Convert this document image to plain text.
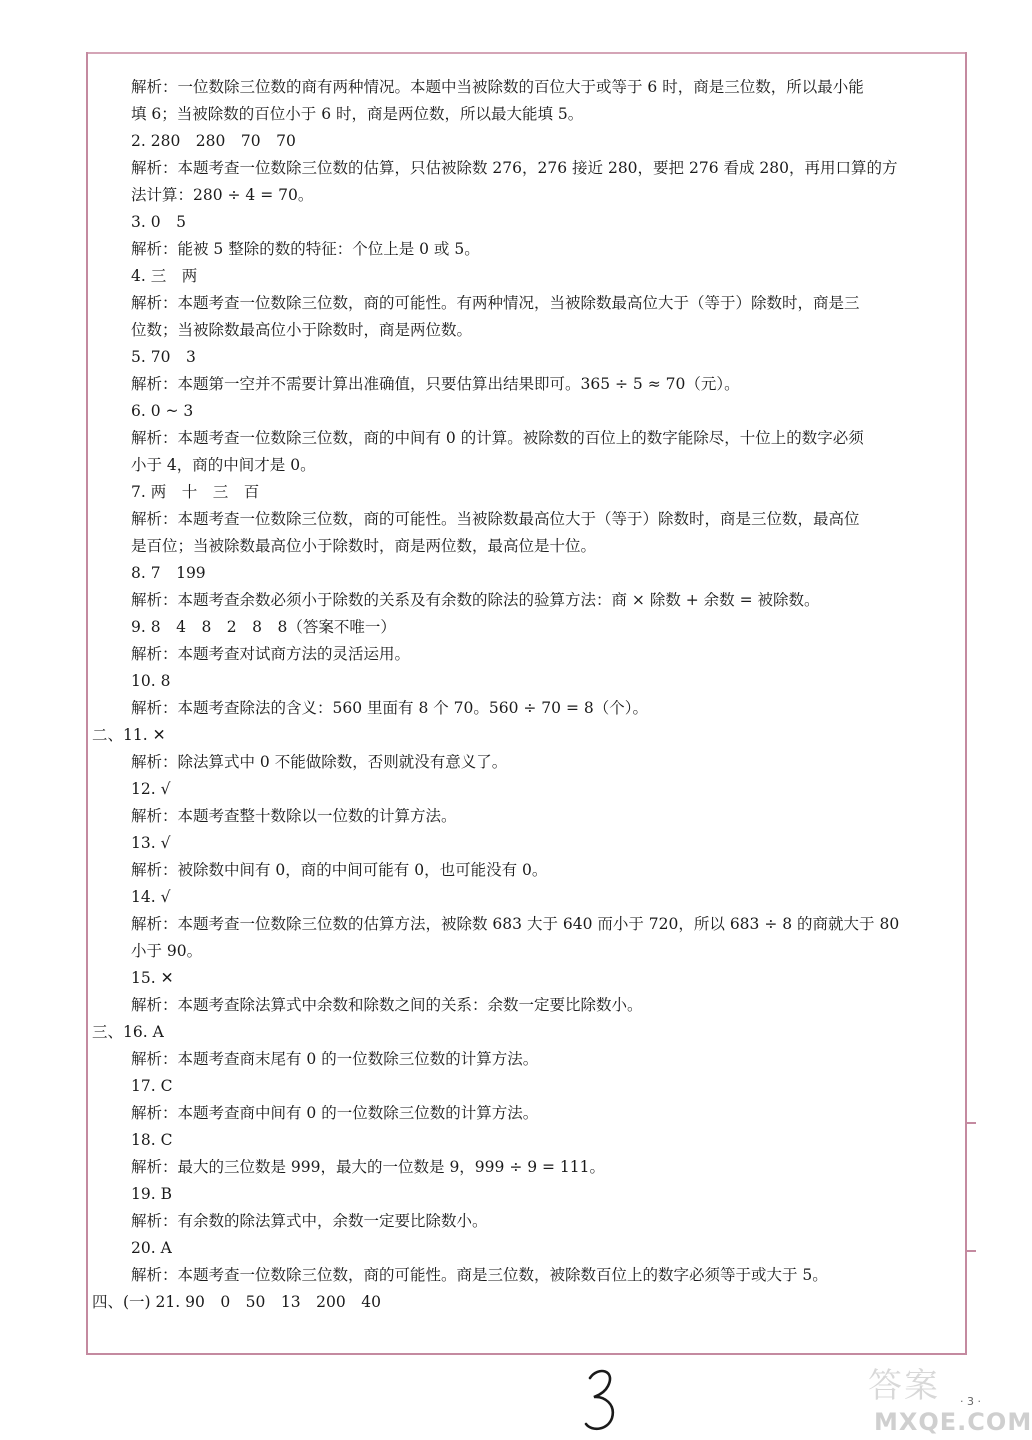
解析：一位数除三位数的商有两种情况。本题中当被除数的百位大于或等于 6 时，商是三位数，所以最小能
填 6；当被除数的百位小于 6 时，商是两位数，所以最大能填 5。
2. 280　280　70　70
解析：本题考查一位数除三位数的估算，只估被除数 276，276 接近 280，要把 276 看成 280，再用口算的方
法计算：280 ÷ 4 = 70。
3. 0　5
解析：能被 5 整除的数的特征：个位上是 0 或 5。
4. 三　两
解析：本题考查一位数除三位数，商的可能性。有两种情况，当被除数最高位大于（等于）除数时，商是三
位数；当被除数最高位小于除数时，商是两位数。
5. 70　3
解析：本题第一空并不需要计算出准确值，只要估算出结果即可。365 ÷ 5 ≈ 70（元）。
6. 0 ~ 3
解析：本题考查一位数除三位数，商的中间有 0 的计算。被除数的百位上的数字能除尽，十位上的数字必须
小于 4，商的中间才是 0。
7. 两　十　三　百
解析：本题考查一位数除三位数，商的可能性。当被除数最高位大于（等于）除数时，商是三位数，最高位
是百位；当被除数最高位小于除数时，商是两位数，最高位是十位。
8. 7　199
解析：本题考查余数必须小于除数的关系及有余数的除法的验算方法：商 × 除数 + 余数 = 被除数。
9. 8　4　8　2　8　8（答案不唯一）
解析：本题考查对试商方法的灵活运用。
10. 8
解析：本题考查除法的含义：560 里面有 8 个 70。560 ÷ 70 = 8（个）。
二、11. ✕
解析：除法算式中 0 不能做除数，否则就没有意义了。
12. √
解析：本题考查整十数除以一位数的计算方法。
13. √
解析：被除数中间有 0，商的中间可能有 0，也可能没有 0。
14. √
解析：本题考查一位数除三位数的估算方法，被除数 683 大于 640 而小于 720，所以 683 ÷ 8 的商就大于 80
小于 90。
15. ✕
解析：本题考查除法算式中余数和除数之间的关系：余数一定要比除数小。
三、16. A
解析：本题考查商末尾有 0 的一位数除三位数的计算方法。
17. C
解析：本题考查商中间有 0 的一位数除三位数的计算方法。
18. C
解析：最大的三位数是 999，最大的一位数是 9，999 ÷ 9 = 111。
19. B
解析：有余数的除法算式中，余数一定要比除数小。
20. A
解析：本题考查一位数除三位数，商的可能性。商是三位数，被除数百位上的数字必须等于或大于 5。
四、(一) 21. 90　0　50　13　200　40
答案
MXQE.COM
· 3 ·
